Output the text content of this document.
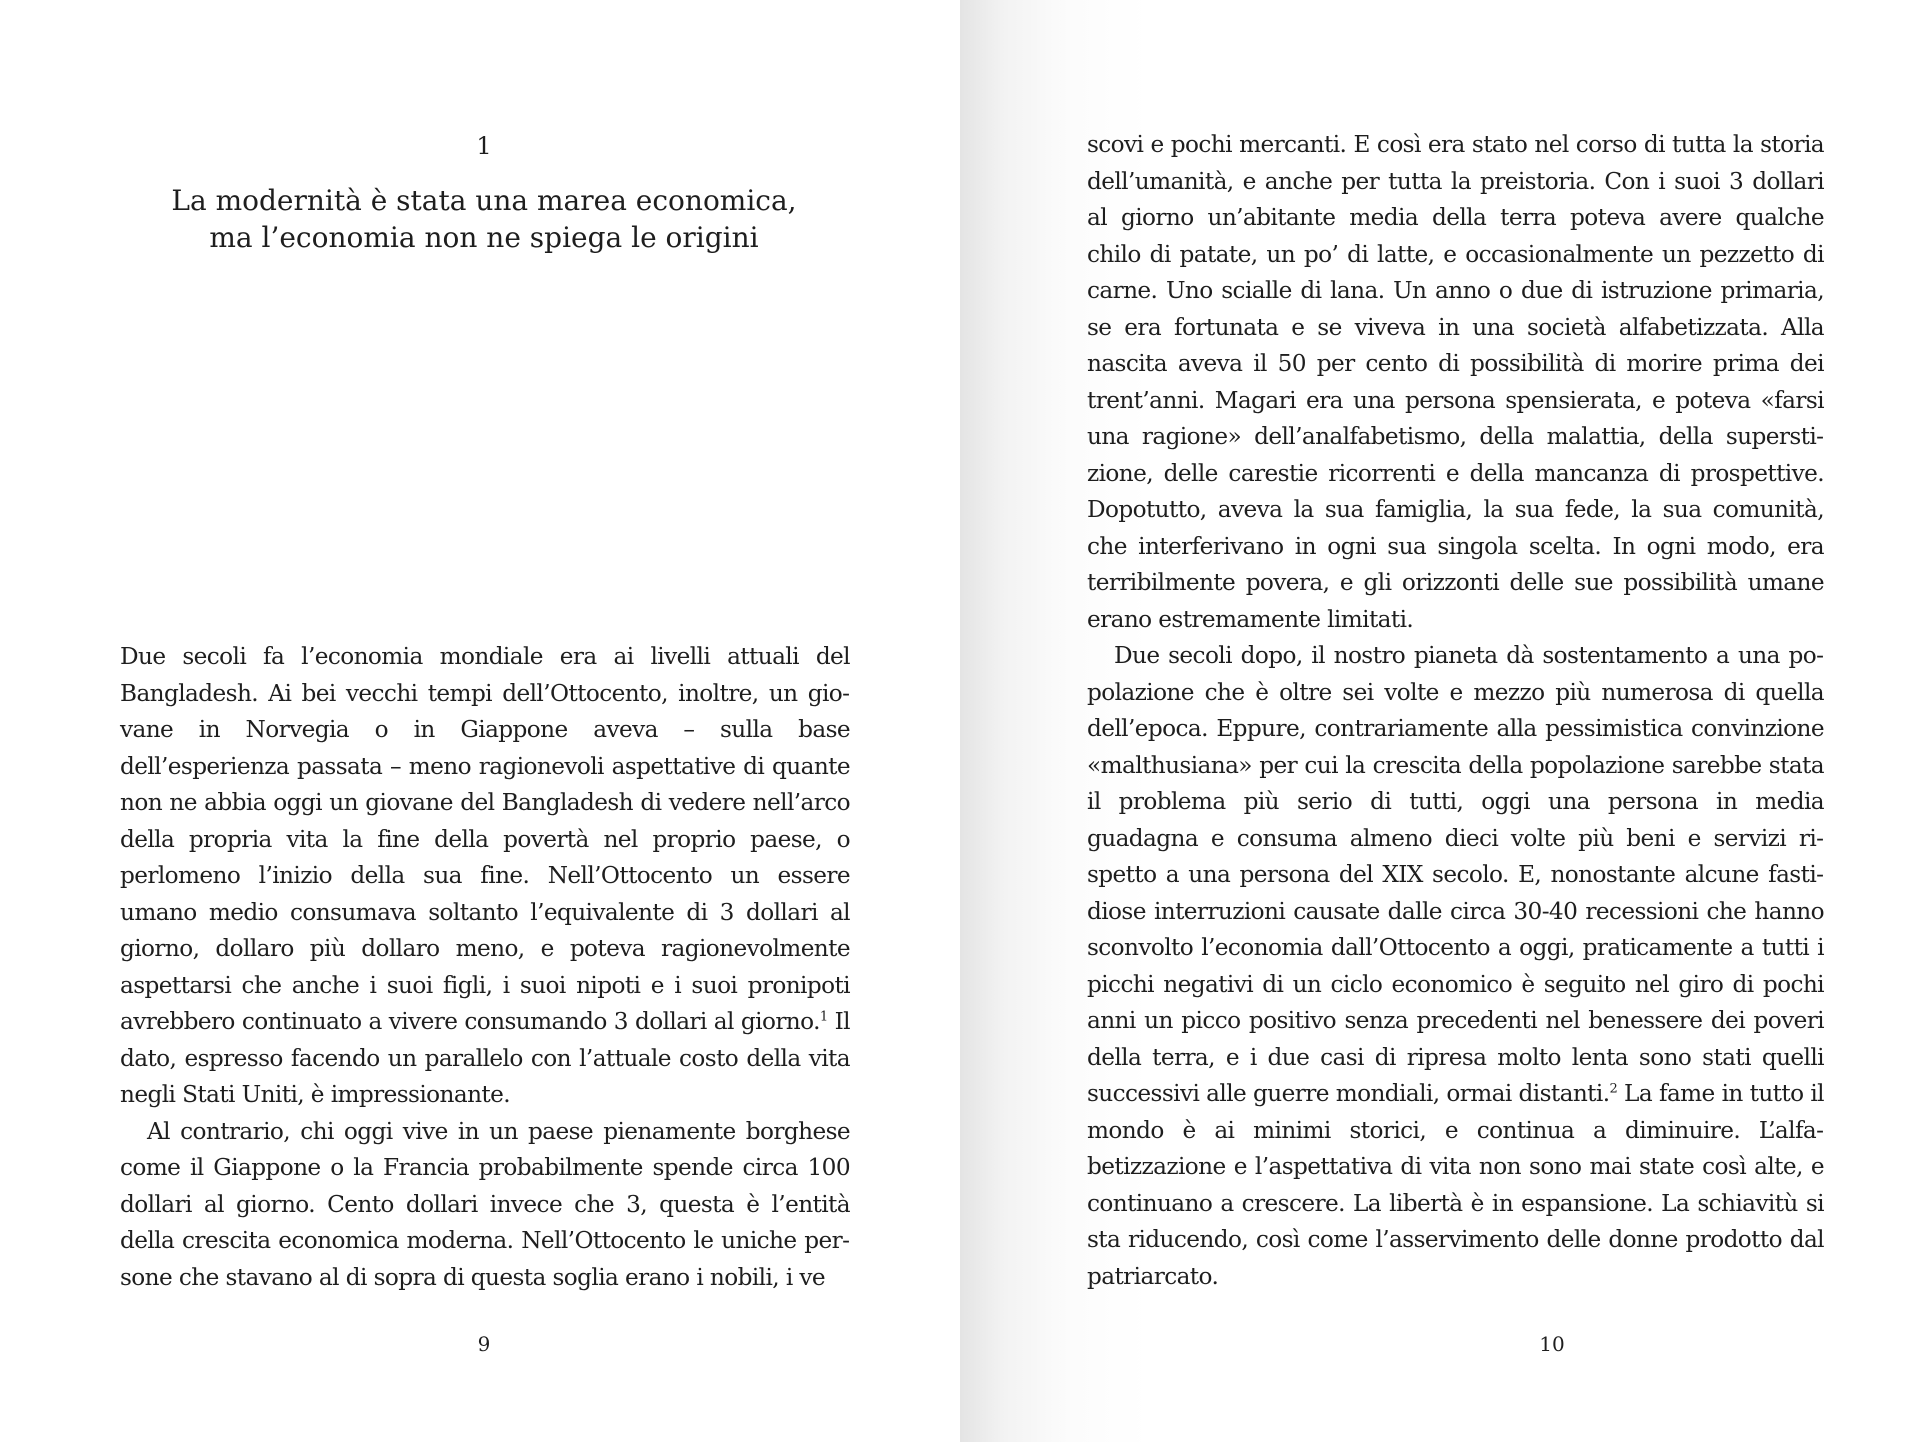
1
La modernità è stata una marea economica,
ma l’economia non ne spiega le origini

Due secoli fa l’economia mondiale era ai livelli attuali del Bangladesh. Ai bei vecchi tempi dell’Ottocento, inoltre, un giovane in Norvegia o in Giappone aveva – sulla base dell’esperienza passata – meno ragionevoli aspettative di quante non ne abbia oggi un giovane del Bangladesh di vedere nell’arco della propria vita la fine della povertà nel proprio paese, o perlomeno l’inizio della sua fine. Nell’Ottocento un essere umano medio consumava soltanto l’equivalente di 3 dollari al giorno, dollaro più dollaro meno, e poteva ragionevolmente aspettarsi che anche i suoi figli, i suoi nipoti e i suoi pronipoti avrebbero continuato a vivere consumando 3 dollari al giorno.$^1$ Il dato, espresso facendo un parallelo con l’attuale costo della vita negli Stati Uniti, è impressionante.

Al contrario, chi oggi vive in un paese pienamente borghese come il Giappone o la Francia probabilmente spende circa 100 dollari al giorno. Cento dollari invece che 3, questa è l’entità della crescita economica moderna. Nell’Ottocento le uniche persone che stavano al di sopra di questa soglia erano i nobili, i ve

9

scovi e pochi mercanti. E così era stato nel corso di tutta la storia dell’umanità, e anche per tutta la preistoria. Con i suoi 3 dollari al giorno un’abitante media della terra poteva avere qualche chilo di patate, un po’ di latte, e occasionalmente un pezzetto di carne. Uno scialle di lana. Un anno o due di istruzione primaria, se era fortunata e se viveva in una società alfabetizzata. Alla nascita aveva il 50 per cento di possibilità di morire prima dei trent’anni. Magari era una persona spensierata, e poteva «farsi una ragione» dell’analfabetismo, della malattia, della superstizione, delle carestie ricorrenti e della mancanza di prospettive. Dopotutto, aveva la sua famiglia, la sua fede, la sua comunità, che interferivano in ogni sua singola scelta. In ogni modo, era terribilmente povera, e gli orizzonti delle sue possibilità umane erano estremamente limitati.

Due secoli dopo, il nostro pianeta dà sostentamento a una popolazione che è oltre sei volte e mezzo più numerosa di quella dell’epoca. Eppure, contrariamente alla pessimistica convinzione «malthusiana» per cui la crescita della popolazione sarebbe stata il problema più serio di tutti, oggi una persona in media guadagna e consuma almeno dieci volte più beni e servizi rispetto a una persona del XIX secolo. E, nonostante alcune fastidiose interruzioni causate dalle circa 30-40 recessioni che hanno sconvolto l’economia dall’Ottocento a oggi, praticamente a tutti i picchi negativi di un ciclo economico è seguito nel giro di pochi anni un picco positivo senza precedenti nel benessere dei poveri della terra, e i due casi di ripresa molto lenta sono stati quelli successivi alle guerre mondiali, ormai distanti.$^2$ La fame in tutto il mondo è ai minimi storici, e continua a diminuire. L’alfabetizzazione e l’aspettativa di vita non sono mai state così alte, e continuano a crescere. La libertà è in espansione. La schiavitù si sta riducendo, così come l’asservimento delle donne prodotto dal patriarcato.

10
